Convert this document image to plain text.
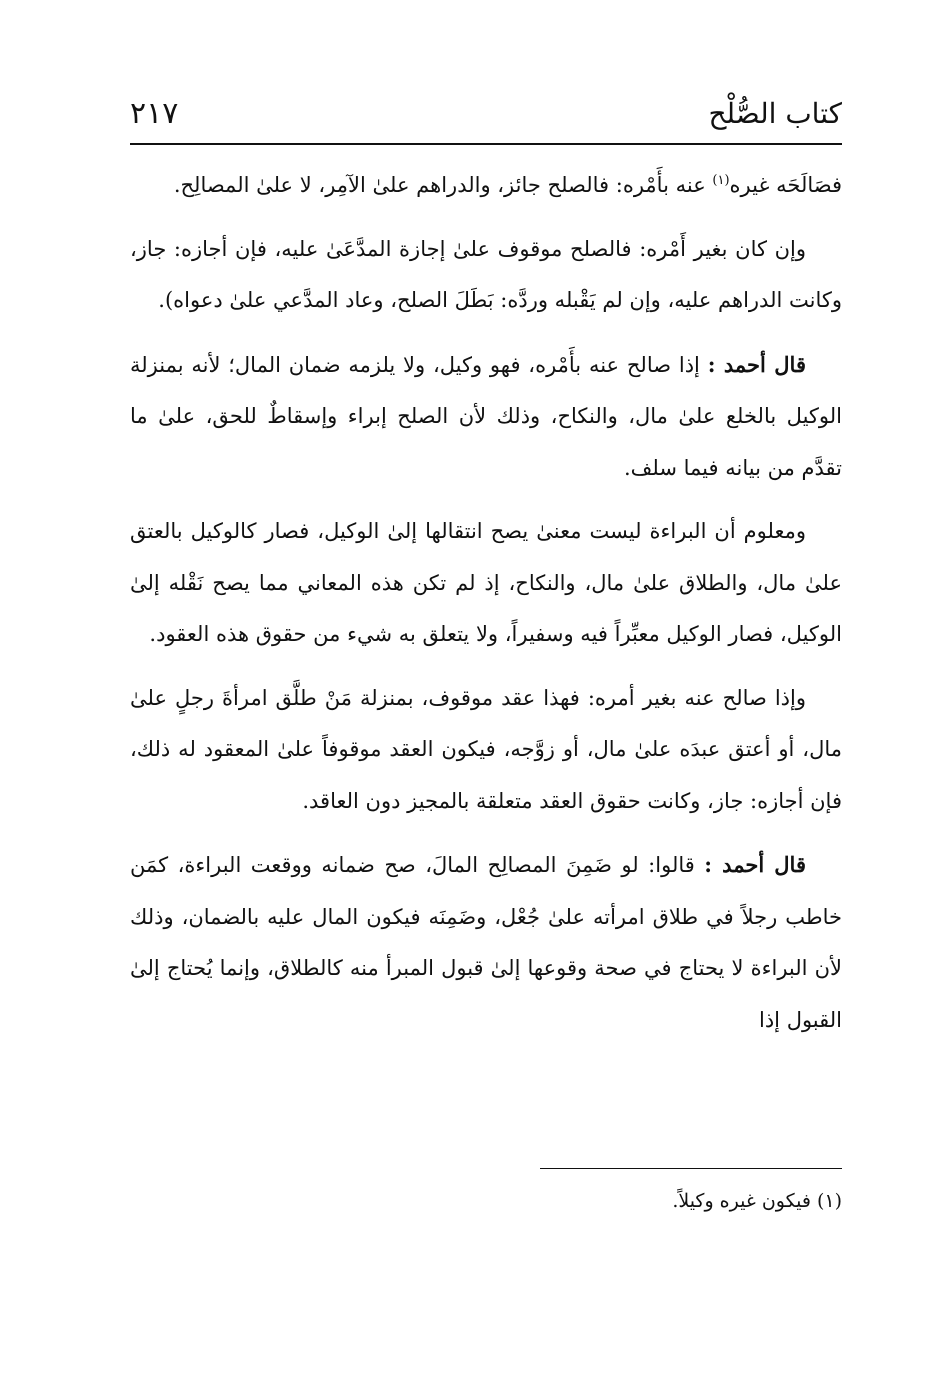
كتاب الصُّلْح
٢١٧

فصَالَحَه غيره$^{(١)}$ عنه بأَمْره: فالصلح جائز، والدراهم علىٰ الآمِر، لا علىٰ المصالِح.

وإن كان بغير أَمْره: فالصلح موقوف علىٰ إجازة المدَّعَىٰ عليه، فإن أجازه: جاز، وكانت الدراهم عليه، وإن لم يَقْبله وردَّه: بَطَلَ الصلح، وعاد المدَّعي علىٰ دعواه).

قال أحمد : إذا صالح عنه بأَمْره، فهو وكيل، ولا يلزمه ضمان المال؛ لأنه بمنزلة الوكيل بالخلع علىٰ مال، والنكاح، وذلك لأن الصلح إبراء وإسقاطٌ للحق، علىٰ ما تقدَّم من بيانه فيما سلف.

ومعلوم أن البراءة ليست معنىٰ يصح انتقالها إلىٰ الوكيل، فصار كالوكيل بالعتق علىٰ مال، والطلاق علىٰ مال، والنكاح، إذ لم تكن هذه المعاني مما يصح نَقْله إلىٰ الوكيل، فصار الوكيل معبِّراً فيه وسفيراً، ولا يتعلق به شيء من حقوق هذه العقود.

وإذا صالح عنه بغير أمره: فهذا عقد موقوف، بمنزلة مَنْ طلَّق امرأةَ رجلٍ علىٰ مال، أو أعتق عبدَه علىٰ مال، أو زوَّجه، فيكون العقد موقوفاً علىٰ المعقود له ذلك، فإن أجازه: جاز، وكانت حقوق العقد متعلقة بالمجيز دون العاقد.

قال أحمد : قالوا: لو ضَمِنَ المصالِح المالَ، صح ضمانه ووقعت البراءة، كمَن خاطب رجلاً في طلاق امرأته علىٰ جُعْل، وضَمِنَه فيكون المال عليه بالضمان، وذلك لأن البراءة لا يحتاج في صحة وقوعها إلىٰ قبول المبرأ منه كالطلاق، وإنما يُحتاج إلىٰ القبول إذا

(١) فيكون غيره وكيلاً.
